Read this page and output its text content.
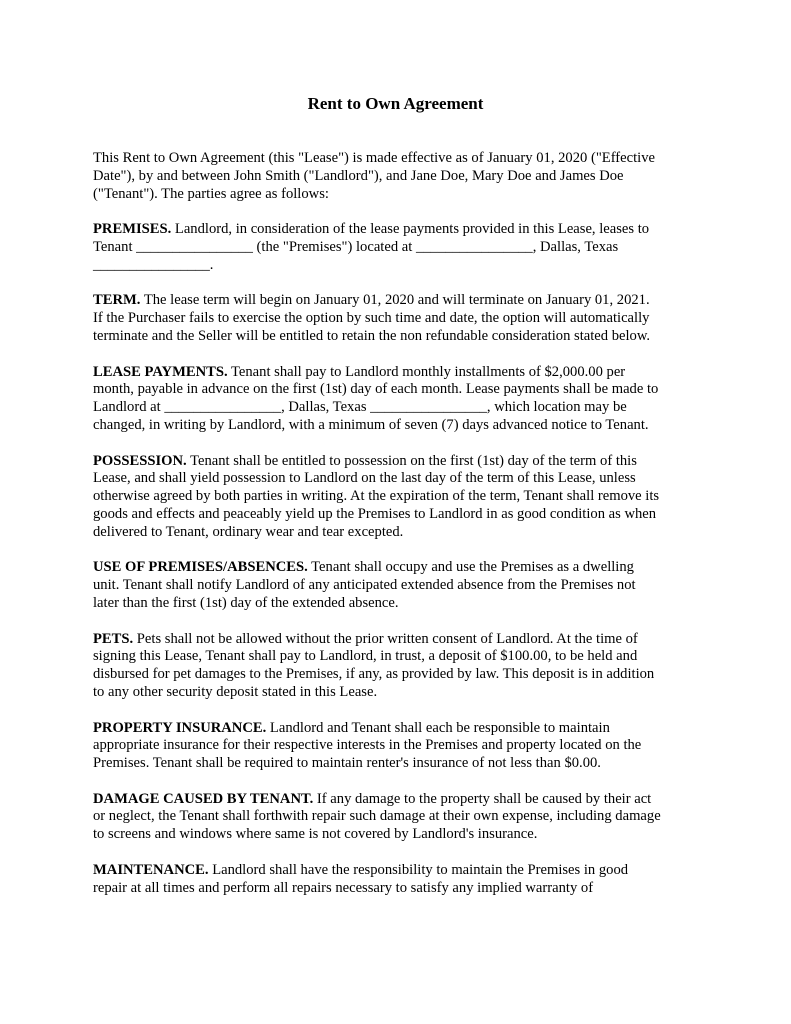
Rent to Own Agreement

This Rent to Own Agreement (this "Lease") is made effective as of January 01, 2020 ("Effective
Date"), by and between John Smith ("Landlord"), and Jane Doe, Mary Doe and James Doe
("Tenant"). The parties agree as follows:

PREMISES. Landlord, in consideration of the lease payments provided in this Lease, leases to
Tenant ________________ (the "Premises") located at ________________, Dallas, Texas
________________.

TERM. The lease term will begin on January 01, 2020 and will terminate on January 01, 2021.
If the Purchaser fails to exercise the option by such time and date, the option will automatically
terminate and the Seller will be entitled to retain the non refundable consideration stated below.

LEASE PAYMENTS. Tenant shall pay to Landlord monthly installments of $2,000.00 per
month, payable in advance on the first (1st) day of each month. Lease payments shall be made to
Landlord at ________________, Dallas, Texas ________________, which location may be
changed, in writing by Landlord, with a minimum of seven (7) days advanced notice to Tenant.

POSSESSION. Tenant shall be entitled to possession on the first (1st) day of the term of this
Lease, and shall yield possession to Landlord on the last day of the term of this Lease, unless
otherwise agreed by both parties in writing. At the expiration of the term, Tenant shall remove its
goods and effects and peaceably yield up the Premises to Landlord in as good condition as when
delivered to Tenant, ordinary wear and tear excepted.

USE OF PREMISES/ABSENCES. Tenant shall occupy and use the Premises as a dwelling
unit. Tenant shall notify Landlord of any anticipated extended absence from the Premises not
later than the first (1st) day of the extended absence.

PETS. Pets shall not be allowed without the prior written consent of Landlord. At the time of
signing this Lease, Tenant shall pay to Landlord, in trust, a deposit of $100.00, to be held and
disbursed for pet damages to the Premises, if any, as provided by law. This deposit is in addition
to any other security deposit stated in this Lease.

PROPERTY INSURANCE. Landlord and Tenant shall each be responsible to maintain
appropriate insurance for their respective interests in the Premises and property located on the
Premises. Tenant shall be required to maintain renter's insurance of not less than $0.00.

DAMAGE CAUSED BY TENANT. If any damage to the property shall be caused by their act
or neglect, the Tenant shall forthwith repair such damage at their own expense, including damage
to screens and windows where same is not covered by Landlord's insurance.

MAINTENANCE. Landlord shall have the responsibility to maintain the Premises in good
repair at all times and perform all repairs necessary to satisfy any implied warranty of
